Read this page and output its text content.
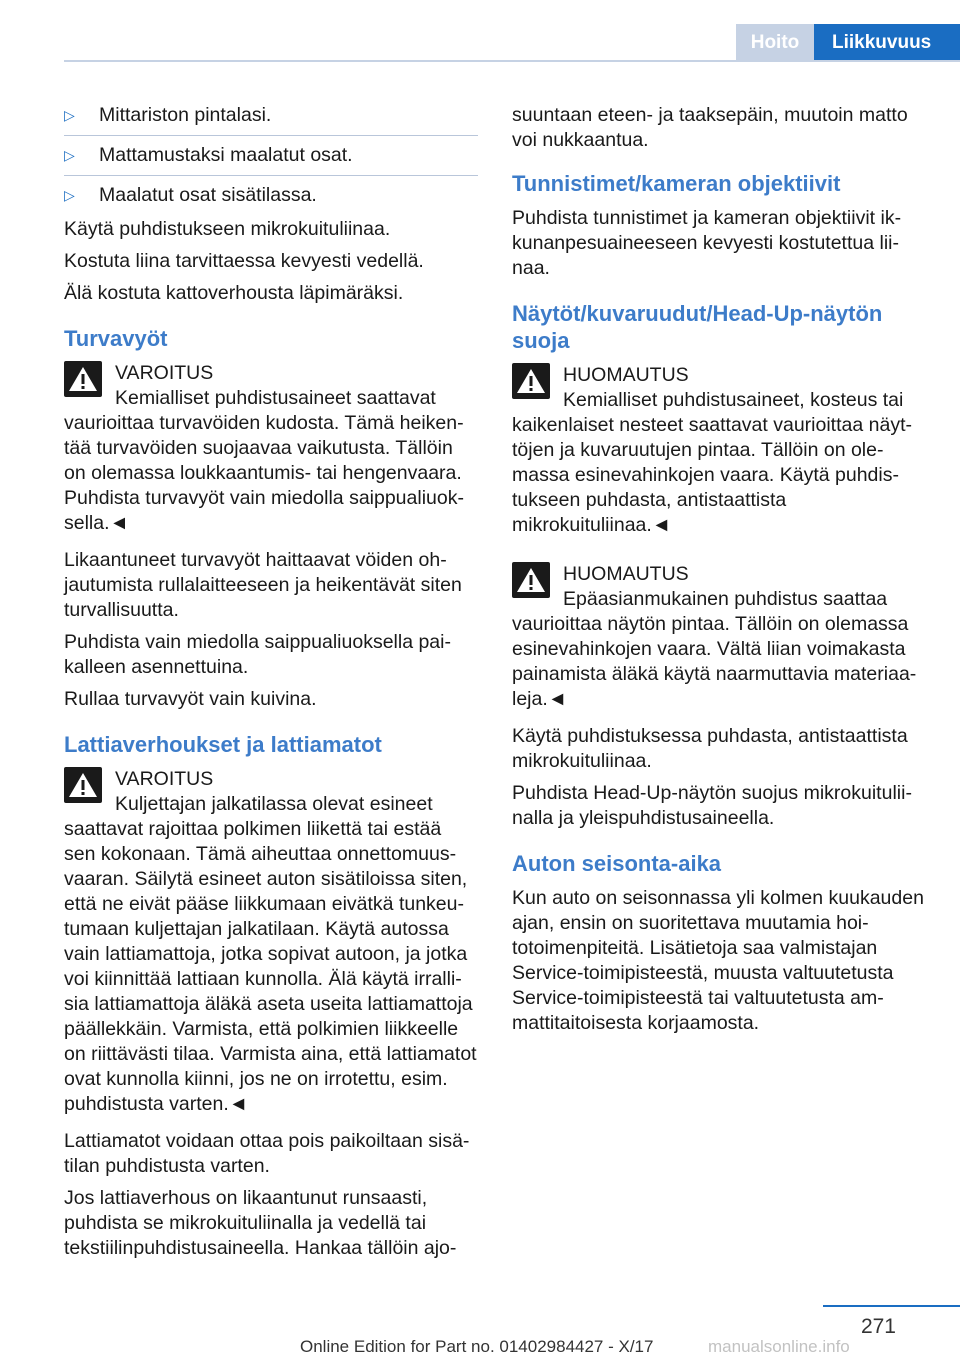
Hoito	Liikkuvuus
▷ Mittariston pintalasi.
▷ Mattamustaksi maalatut osat.
▷ Maalatut osat sisätilassa.

Käytä puhdistukseen mikrokuituliinaa.

Kostuta liina tarvittaessa kevyesti vedellä.

Älä kostuta kattoverhousta läpimäräksi.

Turvavyöt
VAROITUS
Kemialliset puhdistusaineet saattavat
vaurioittaa turvavöiden kudosta. Tämä heikentää turvavöiden suojaavaa vaikutusta. Tällöin on olemassa loukkaantumis- tai hengenvaara. Puhdista turvavyöt vain miedolla saippualiuoksella.◄

Likaantuneet turvavyöt haittaavat vöiden ohjautumista rullalaitteeseen ja heikentävät siten turvallisuutta.

Puhdista vain miedolla saippualiuoksella paikalleen asennettuina.

Rullaa turvavyöt vain kuivina.

Lattiaverhoukset ja lattiamatot
VAROITUS
Kuljettajan jalkatilassa olevat esineet
saattavat rajoittaa polkimen liikettä tai estää sen kokonaan. Tämä aiheuttaa onnettomuusvaaran. Säilytä esineet auton sisätiloissa siten, että ne eivät pääse liikkumaan eivätkä tunkeutumaan kuljettajan jalkatilaan. Käytä autossa vain lattiamattoja, jotka sopivat autoon, ja jotka voi kiinnittää lattiaan kunnolla. Älä käytä irrallisia lattiamattoja äläkä aseta useita lattiamattoja päällekkäin. Varmista, että polkimien liikkeelle on riittävästi tilaa. Varmista aina, että lattiamatot ovat kunnolla kiinni, jos ne on irrotettu, esim. puhdistusta varten.◄

Lattiamatot voidaan ottaa pois paikoiltaan sisätilan puhdistusta varten.

Jos lattiaverhous on likaantunut runsaasti, puhdista se mikrokuituliinalla ja vedellä tai tekstiilinpuhdistusaineella. Hankaa tällöin ajo-

suuntaan eteen- ja taaksepäin, muutoin matto voi nukkaantua.

Tunnistimet/kameran objektiivit

Puhdista tunnistimet ja kameran objektiivit ikkunanpesuaineeseen kevyesti kostutettua liinaa.

Näytöt/kuvaruudut/Head-Up-näytön suoja
HUOMAUTUS
Kemialliset puhdistusaineet, kosteus tai
kaikenlaiset nesteet saattavat vaurioittaa näyttöjen ja kuvaruutujen pintaa. Tällöin on olemassa esinevahinkojen vaara. Käytä puhdistukseen puhdasta, antistaattista mikrokuituliinaa.◄
HUOMAUTUS
Epäasianmukainen puhdistus saattaa
vaurioittaa näytön pintaa. Tällöin on olemassa esinevahinkojen vaara. Vältä liian voimakasta painamista äläkä käytä naarmuttavia materiaaleja.◄

Käytä puhdistuksessa puhdasta, antistaattista mikrokuituliinaa.

Puhdista Head-Up-näytön suojus mikrokuituliinalla ja yleispuhdistusaineella.

Auton seisonta-aika

Kun auto on seisonnassa yli kolmen kuukauden ajan, ensin on suoritettava muutamia hoitotoimenpiteitä. Lisätietoja saa valmistajan Service-toimipisteestä, muusta valtuutetusta Service-toimipisteestä tai valtuutetusta ammattitaitoisesta korjaamosta.

271
Online Edition for Part no. 01402984427 - X/17	manualsonline.info
